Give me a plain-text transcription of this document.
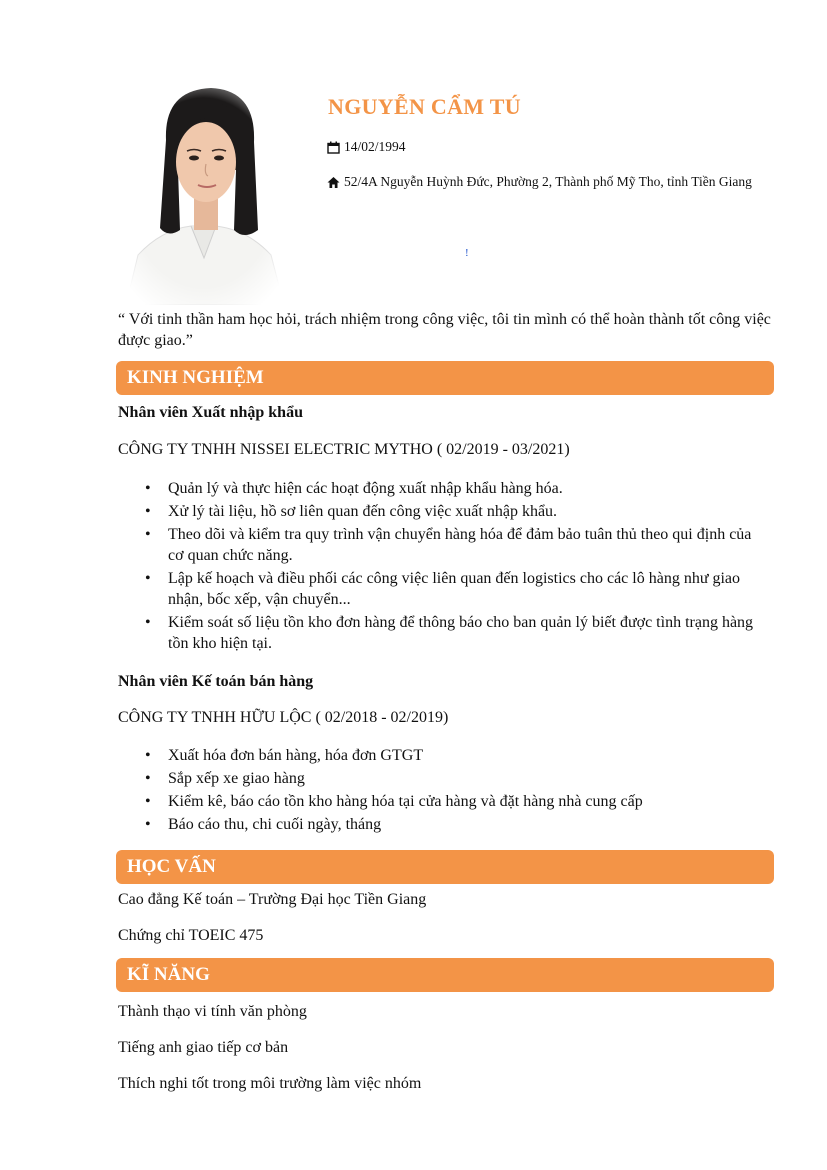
NGUYỄN CẨM TÚ
14/02/1994
52/4A Nguyễn Huỳnh Đức, Phường 2, Thành phố Mỹ Tho, tỉnh Tiền Giang
!

“ Với tinh thần ham học hỏi, trách nhiệm trong công việc, tôi tin mình có thể hoàn thành tốt công việc được giao.”

KINH NGHIỆM

Nhân viên Xuất nhập khẩu

CÔNG TY TNHH NISSEI ELECTRIC MYTHO ( 02/2019 - 03/2021)

• Quản lý và thực hiện các hoạt động xuất nhập khẩu hàng hóa.
• Xử lý tài liệu, hồ sơ liên quan đến công việc xuất nhập khẩu.
• Theo dõi và kiểm tra quy trình vận chuyển hàng hóa để đảm bảo tuân thủ theo qui định của cơ quan chức năng.
• Lập kế hoạch và điều phối các công việc liên quan đến logistics cho các lô hàng như giao nhận, bốc xếp, vận chuyển...
• Kiểm soát số liệu tồn kho đơn hàng để thông báo cho ban quản lý biết được tình trạng hàng tồn kho hiện tại.

Nhân viên Kế toán bán hàng

CÔNG TY TNHH HỮU LỘC ( 02/2018 - 02/2019)

• Xuất hóa đơn bán hàng, hóa đơn GTGT
• Sắp xếp xe giao hàng
• Kiểm kê, báo cáo tồn kho hàng hóa tại cửa hàng và đặt hàng nhà cung cấp
• Báo cáo thu, chi cuối ngày, tháng
HỌC VẤN

Cao đẳng Kế toán – Trường Đại học Tiền Giang

Chứng chỉ TOEIC 475

KĨ NĂNG

Thành thạo vi tính văn phòng

Tiếng anh giao tiếp cơ bản

Thích nghi tốt trong môi trường làm việc nhóm
